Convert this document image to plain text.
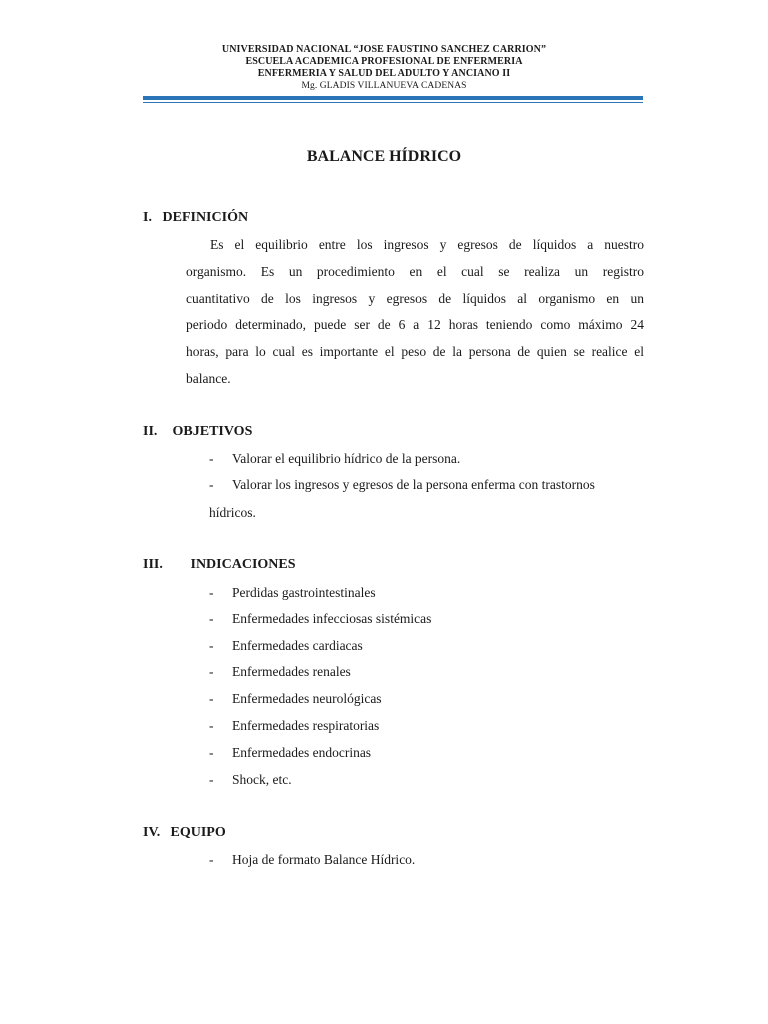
UNIVERSIDAD NACIONAL “JOSE FAUSTINO SANCHEZ CARRION”
ESCUELA ACADEMICA PROFESIONAL DE ENFERMERIA
ENFERMERIA Y SALUD DEL ADULTO Y ANCIANO II
Mg. GLADIS VILLANUEVA CADENAS
BALANCE HÍDRICO
I. DEFINICIÓN
Es el equilibrio entre los ingresos y egresos de líquidos a nuestro
organismo. Es un procedimiento en el cual se realiza un registro
cuantitativo de los ingresos y egresos de líquidos al organismo en un
periodo determinado, puede ser de 6 a 12 horas teniendo como máximo 24
horas, para lo cual es importante el peso de la persona de quien se realice el
balance.
II. OBJETIVOS
- Valorar el equilibrio hídrico de la persona.
- Valorar los ingresos y egresos de la persona enferma con trastornos
hídricos.
III. INDICACIONES
- Perdidas gastrointestinales
- Enfermedades infecciosas sistémicas
- Enfermedades cardiacas
- Enfermedades renales
- Enfermedades neurológicas
- Enfermedades respiratorias
- Enfermedades endocrinas
- Shock, etc.
IV. EQUIPO
- Hoja de formato Balance Hídrico.
